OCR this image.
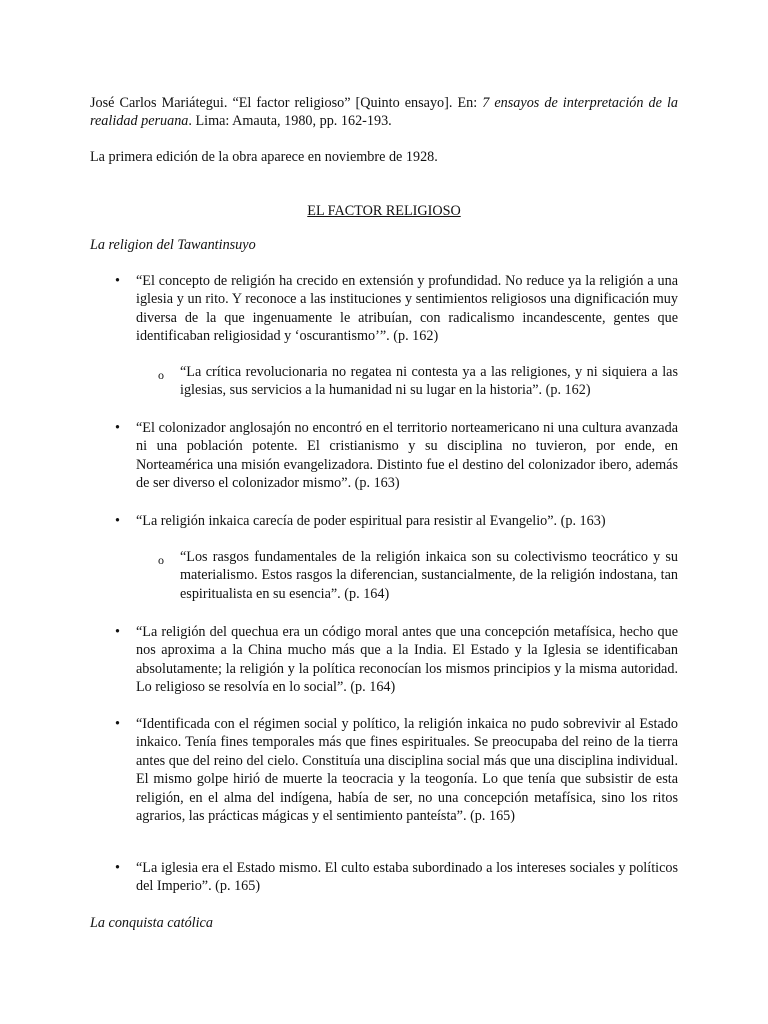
José Carlos Mariátegui. “El factor religioso” [Quinto ensayo]. En: 7 ensayos de interpretación de la realidad peruana. Lima: Amauta, 1980, pp. 162-193.

La primera edición de la obra aparece en noviembre de 1928.

EL FACTOR RELIGIOSO
La religion del Tawantinsuyo
•	“El concepto de religión ha crecido en extensión y profundidad. No reduce ya la religión a una iglesia y un rito. Y reconoce a las instituciones y sentimientos religiosos una dignificación muy diversa de la que ingenuamente le atribuían, con radicalismo incandescente, gentes que identificaban religiosidad y ‘oscurantismo’”. (p. 162)

o	“La crítica revolucionaria no regatea ni contesta ya a las religiones, y ni siquiera a las iglesias, sus servicios a la humanidad ni su lugar en la historia”. (p. 162)

•	“El colonizador anglosajón no encontró en el territorio norteamericano ni una cultura avanzada ni una población potente. El cristianismo y su disciplina no tuvieron, por ende, en Norteamérica una misión evangelizadora. Distinto fue el destino del colonizador ibero, además de ser diverso el colonizador mismo”. (p. 163)

•	“La religión inkaica carecía de poder espiritual para resistir al Evangelio”. (p. 163)

o	“Los rasgos fundamentales de la religión inkaica son su colectivismo teocrático y su materialismo. Estos rasgos la diferencian, sustancialmente, de la religión indostana, tan espiritualista en su esencia”. (p. 164)

•	“La religión del quechua era un código moral antes que una concepción metafísica, hecho que nos aproxima a la China mucho más que a la India. El Estado y la Iglesia se identificaban absolutamente; la religión y la política reconocían los mismos principios y la misma autoridad. Lo religioso se resolvía en lo social”. (p. 164)

•	“Identificada con el régimen social y político, la religión inkaica no pudo sobrevivir al Estado inkaico. Tenía fines temporales más que fines espirituales. Se preocupaba del reino de la tierra antes que del reino del cielo. Constituía una disciplina social más que una disciplina individual. El mismo golpe hirió de muerte la teocracia y la teogonía. Lo que tenía que subsistir de esta religión, en el alma del indígena, había de ser, no una concepción metafísica, sino los ritos agrarios, las prácticas mágicas y el sentimiento panteísta”. (p. 165)

•	“La iglesia era el Estado mismo. El culto estaba subordinado a los intereses sociales y políticos del Imperio”. (p. 165)

La conquista católica
